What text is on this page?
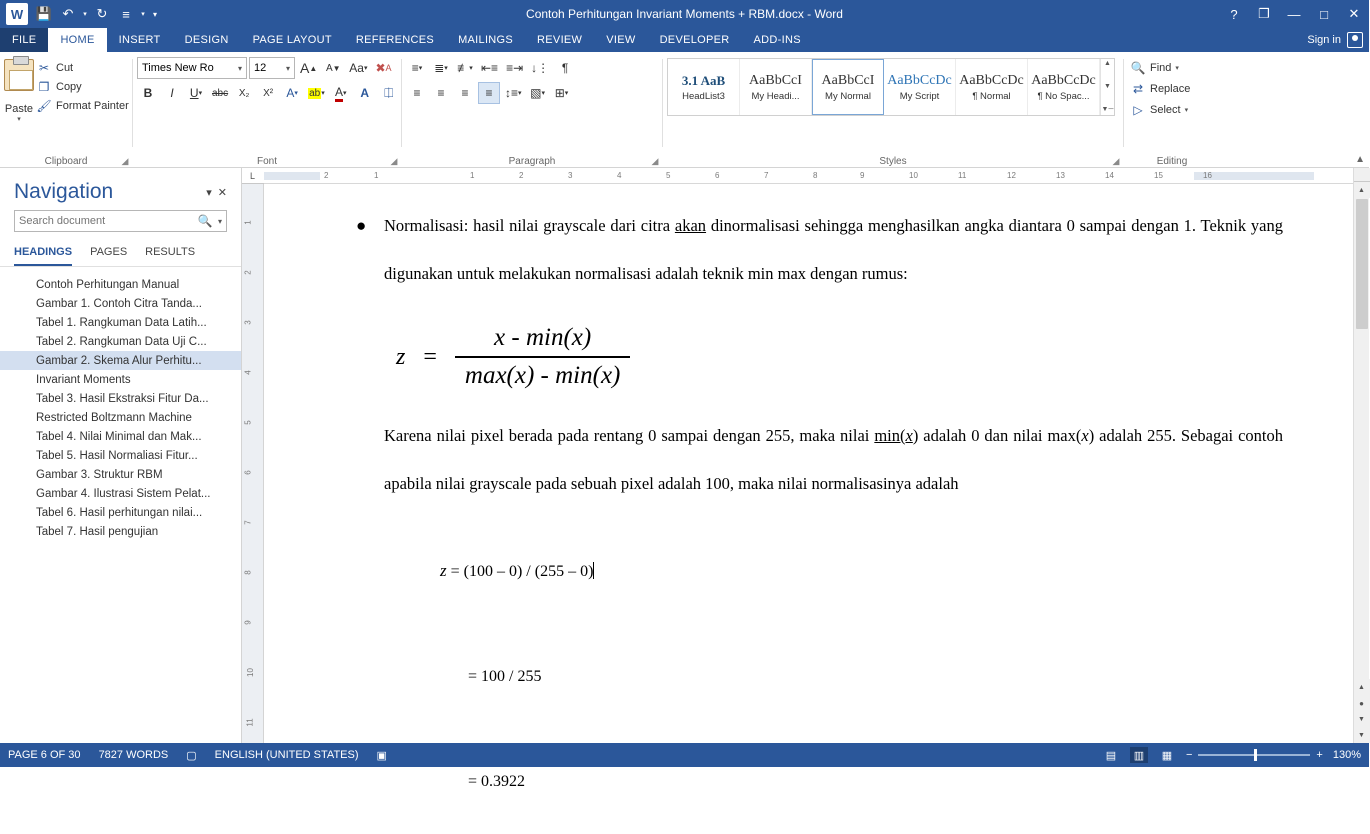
W 💾 ↶	▾ ↻	≡	▾	▾	Contoh Perhitungan Invariant Moments + RBM.docx - Word	?	❐	—	□	✕
FILE	HOME	INSERT	DESIGN	PAGE LAYOUT	REFERENCES	MAILINGS	REVIEW	VIEW	DEVELOPER	ADD-INS	Sign in
Paste
▾
✂ Cut
❐ Copy
🖌 Format Painter
Clipboard	◢
Times New Ro	▾ 12 ▾ A ▲ A ▼ Aa ▾ ✖ A
B I U ▾ abc	X₂	X²	A ▾ ab ▾ A ▾ A	⎅
Font	◢
≡ ▾ ≣ ▾ ≢ ▾ ⇤≡ ≡⇥ ↓⋮	¶
≡	≡	≡	≡	↕≡ ▾ ▧ ▾ ⊞ ▾
Paragraph	◢
3.1 AaB
HeadList3
AaBbCcI
My Headi...
AaBbCcI
My Normal
AaBbCcDс
My Script
AaBbCcDc
¶ Normal
AaBbCcDc
¶ No Spac...
▲
▼
▼─
Styles	◢
🔍 Find ▾
⇄ Replace
▷ Select ▾
Editing	▲
Navigation	▾ ✕
Search document
🔍 ▾
HEADINGS PAGES RESULTS
Contoh Perhitungan Manual
Gambar 1. Contoh Citra Tanda...
Tabel 1. Rangkuman Data Latih...
Tabel 2. Rangkuman Data Uji C...
Gambar 2. Skema Alur Perhitu...
Invariant Moments
Tabel 3. Hasil Ekstraksi Fitur Da...
Restricted Boltzmann Machine
Tabel 4. Nilai Minimal dan Mak...
Tabel 5. Hasil Normaliasi Fitur...
Gambar 3. Struktur RBM
Gambar 4. Ilustrasi Sistem Pelat...
Tabel 6. Hasil perhitungan nilai...
Tabel 7. Hasil pengujian
L
1
2
3
4
5
6
7
8
9
10
11
2	1	1	2	3	4	5	6	7	8	9	10	11	12	13	14	15	16
● Normalisasi: hasil nilai grayscale dari citra akan dinormalisasi sehingga menghasilkan angka diantara 0 sampai dengan 1. Teknik yang digunakan untuk melakukan normalisasi adalah teknik min max dengan rumus:
$z = \frac{x - \min(x)}{\max(x) - \min(x)}$
Karena nilai pixel berada pada rentang 0 sampai dengan 255, maka nilai min(x) adalah 0 dan nilai max(x) adalah 255. Sebagai contoh apabila nilai grayscale pada sebuah pixel adalah 100, maka nilai normalisasinya adalah

z = (100 – 0) / (255 – 0)

= 100 / 255

= 0.3922

▲
▲
●
▼
▼
PAGE 6 OF 30 7827 WORDS ▢ ENGLISH (UNITED STATES) ▣	▤	▥	▦	−	+ 130%
